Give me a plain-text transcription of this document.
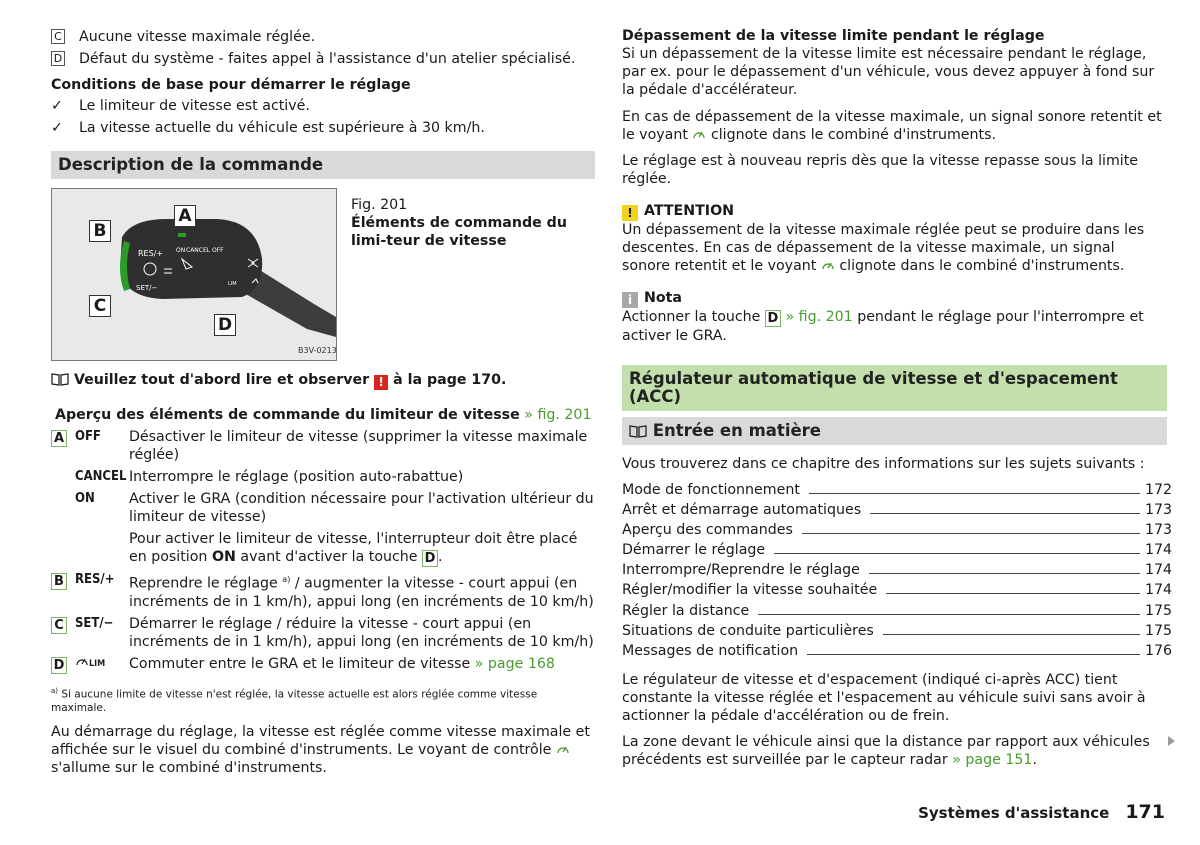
C	Aucune vitesse maximale réglée.
D	Défaut du système - faites appel à l'assistance d'un atelier spécialisé.

Conditions de base pour démarrer le réglage

✓	Le limiteur de vitesse est activé.
✓	La vitesse actuelle du véhicule est supérieure à 30 km/h.
Description de la commande
RES/+ ON CANCEL OFF
SET/−	LIM
B3V-0213
A
B
C
D
Fig. 201
Éléments de commande du limi-teur de vitesse

Veuillez tout d'abord lire et observer ! à la page 170.

Aperçu des éléments de commande du limiteur de vitesse » fig. 201

A OFF	Désactiver le limiteur de vitesse (supprimer la vitesse maximale réglée)
CANCEL Interrompre le réglage (position auto-rabattue)
ON	Activer le GRA (condition nécessaire pour l'activation ultérieur du limiteur de vitesse)
Pour activer le limiteur de vitesse, l'interrupteur doit être placé en position ON avant d'activer la touche D .
B RES/+	Reprendre le réglage $^{a)}$ / augmenter la vitesse - court appui (en incréments de in 1 km/h), appui long (en incréments de 10 km/h)
C SET/−	Démarrer le réglage / réduire la vitesse - court appui (en incréments de in 1 km/h), appui long (en incréments de 10 km/h)
D	LIM	Commuter entre le GRA et le limiteur de vitesse » page 168

$^{a)}$ Si aucune limite de vitesse n'est réglée, la vitesse actuelle est alors réglée comme vitesse maximale.

Au démarrage du réglage, la vitesse est réglée comme vitesse maximale et affichée sur le visuel du combiné d'instruments. Le voyant de contrôle  s'allume sur le combiné d'instruments.

Dépassement de la vitesse limite pendant le réglage

Si un dépassement de la vitesse limite est nécessaire pendant le réglage, par ex. pour le dépassement d'un véhicule, vous devez appuyer à fond sur la pédale d'accélérateur.

En cas de dépassement de la vitesse maximale, un signal sonore retentit et le voyant clignote dans le combiné d'instruments.

Le réglage est à nouveau repris dès que la vitesse repasse sous la limite réglée.

! ATTENTION

Un dépassement de la vitesse maximale réglée peut se produire dans les descentes. En cas de dépassement de la vitesse maximale, un signal sonore retentit et le voyant clignote dans le combiné d'instruments.

i Nota

Actionner la touche D » fig. 201 pendant le réglage pour l'interrompre et activer le GRA.

Régulateur automatique de vitesse et d'espacement (ACC)
Entrée en matière

Vous trouverez dans ce chapitre des informations sur les sujets suivants :

Mode de fonctionnement	172
Arrêt et démarrage automatiques	173
Aperçu des commandes	173
Démarrer le réglage	174
Interrompre/Reprendre le réglage	174
Régler/modifier la vitesse souhaitée	174
Régler la distance	175
Situations de conduite particulières	175
Messages de notification	176

Le régulateur de vitesse et d'espacement (indiqué ci-après ACC) tient constante la vitesse réglée et l'espacement au véhicule suivi sans avoir à actionner la pédale d'accélération ou de frein.

La zone devant le véhicule ainsi que la distance par rapport aux véhicules précédents est surveillée par le capteur radar » page 151.

Systèmes d'assistance 171
